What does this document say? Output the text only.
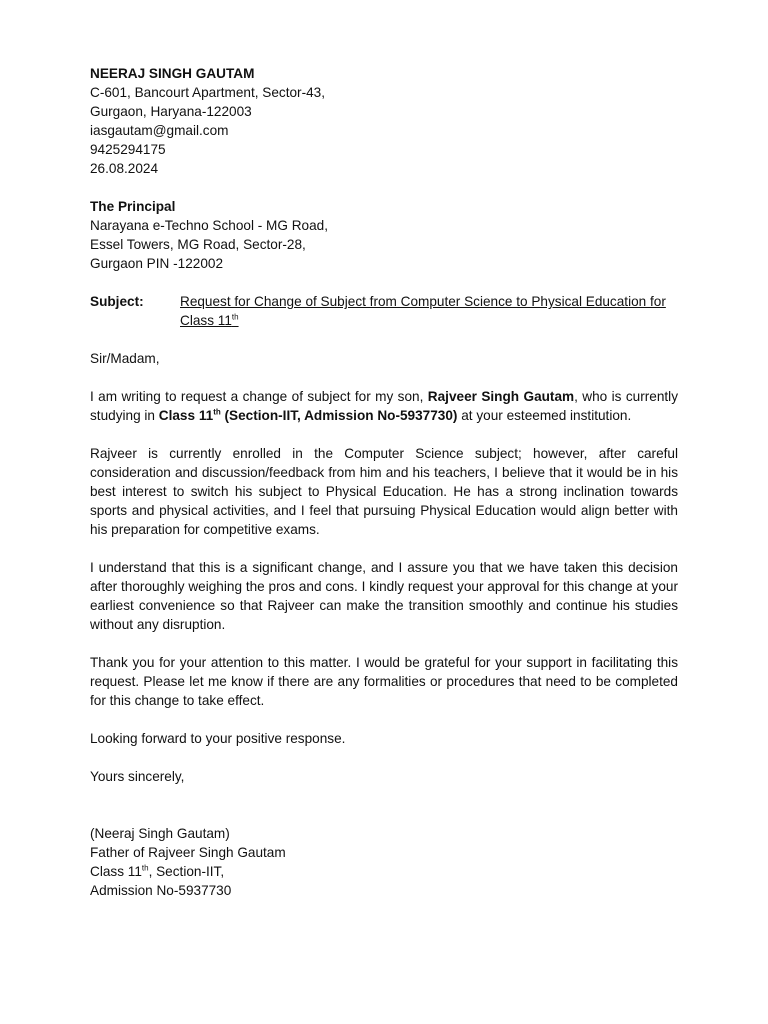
NEERAJ SINGH GAUTAM
C-601, Bancourt Apartment, Sector-43,
Gurgaon, Haryana-122003
iasgautam@gmail.com
9425294175
26.08.2024
The Principal
Narayana e-Techno School - MG Road,
Essel Towers, MG Road, Sector-28,
Gurgaon PIN -122002
Subject:	Request for Change of Subject from Computer Science to Physical Education for Class 11th

Sir/Madam,

I am writing to request a change of subject for my son, Rajveer Singh Gautam, who is currently studying in Class 11th (Section-IIT, Admission No-5937730) at your esteemed institution.

Rajveer is currently enrolled in the Computer Science subject; however, after careful consideration and discussion/feedback from him and his teachers, I believe that it would be in his best interest to switch his subject to Physical Education. He has a strong inclination towards sports and physical activities, and I feel that pursuing Physical Education would align better with his preparation for competitive exams.

I understand that this is a significant change, and I assure you that we have taken this decision after thoroughly weighing the pros and cons. I kindly request your approval for this change at your earliest convenience so that Rajveer can make the transition smoothly and continue his studies without any disruption.

Thank you for your attention to this matter. I would be grateful for your support in facilitating this request. Please let me know if there are any formalities or procedures that need to be completed for this change to take effect.

Looking forward to your positive response.

Yours sincerely,

(Neeraj Singh Gautam)
Father of Rajveer Singh Gautam
Class 11th, Section-IIT,
Admission No-5937730
